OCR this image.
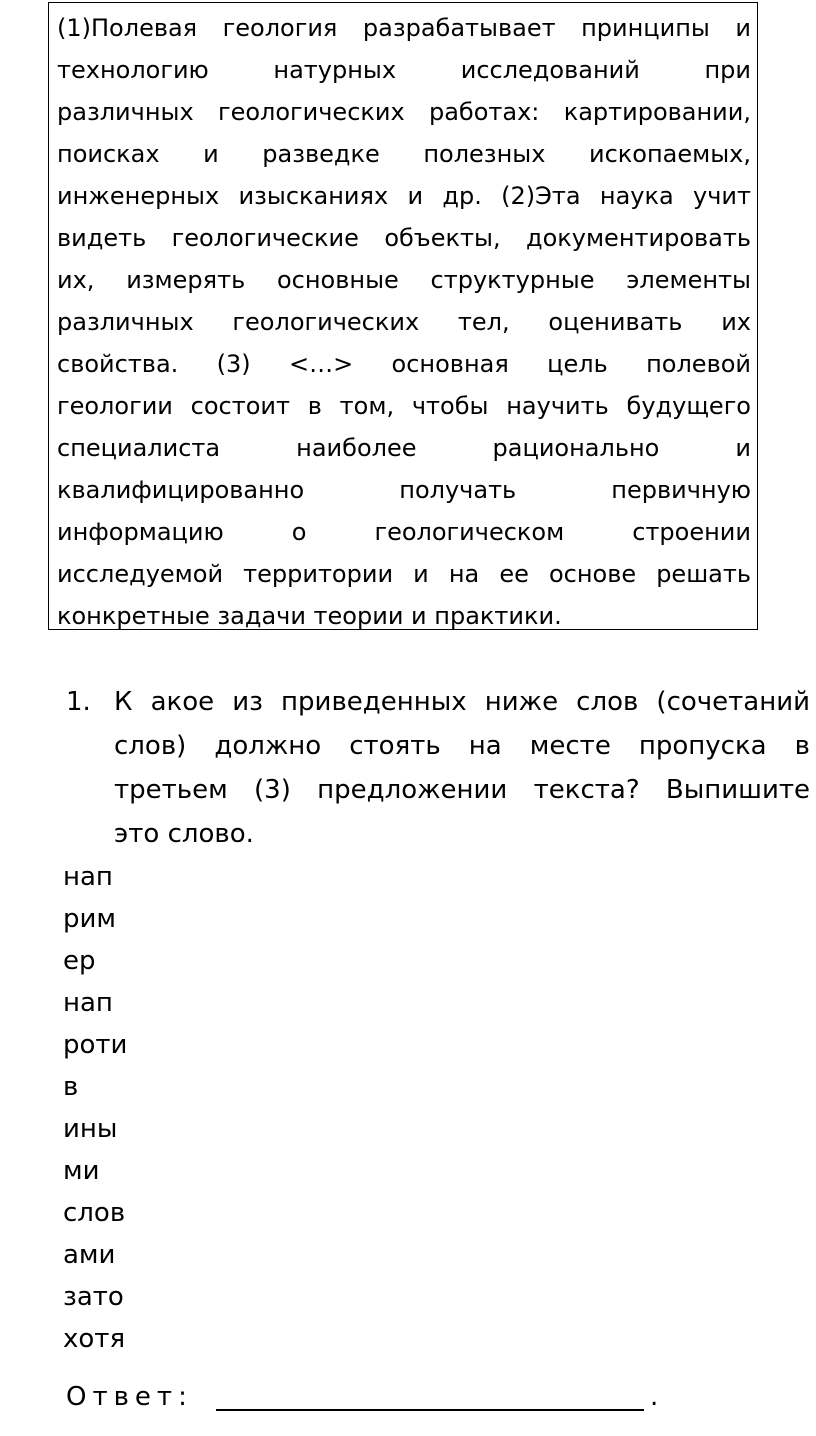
(1)Полевая геология разрабатывает принципы и
технологию натурных исследований при
различных геологических работах: картировании,
поисках и разведке полезных ископаемых,
инженерных изысканиях и др. (2)Эта наука учит
видеть геологические объекты, документировать
их, измерять основные структурные элементы
различных геологических тел, оценивать их
свойства. (3) <…> основная цель полевой
геологии состоит в том, чтобы научить будущего
специалиста наиболее рационально и
квалифицированно получать первичную
информацию о геологическом строении
исследуемой территории и на ее основе решать
конкретные задачи теории и практики.
1. К акое из приведенных ниже слов (сочетаний
слов) должно стоять на месте пропуска в
третьем (3) предложении текста? Выпишите
это слово.
нап
рим
ер
нап
роти
в
ины
ми
слов
ами
зато
хотя
Ответ:	.
